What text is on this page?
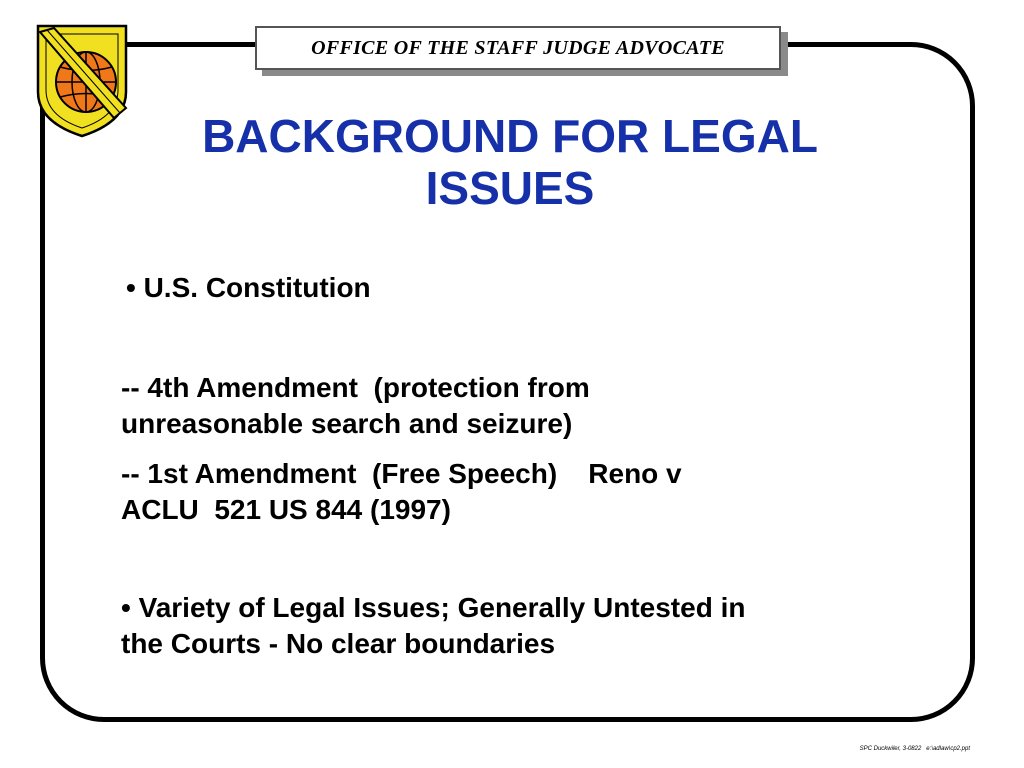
OFFICE OF THE STAFF JUDGE ADVOCATE
BACKGROUND FOR LEGAL
ISSUES
• U.S. Constitution
-- 4th Amendment  (protection from
unreasonable search and seizure)
-- 1st Amendment  (Free Speech)    Reno v
ACLU  521 US 844 (1997)
• Variety of Legal Issues; Generally Untested in
the Courts - No clear boundaries
SPC Duckwiler, 3-0822   e:\adlaw\cp2.ppt
